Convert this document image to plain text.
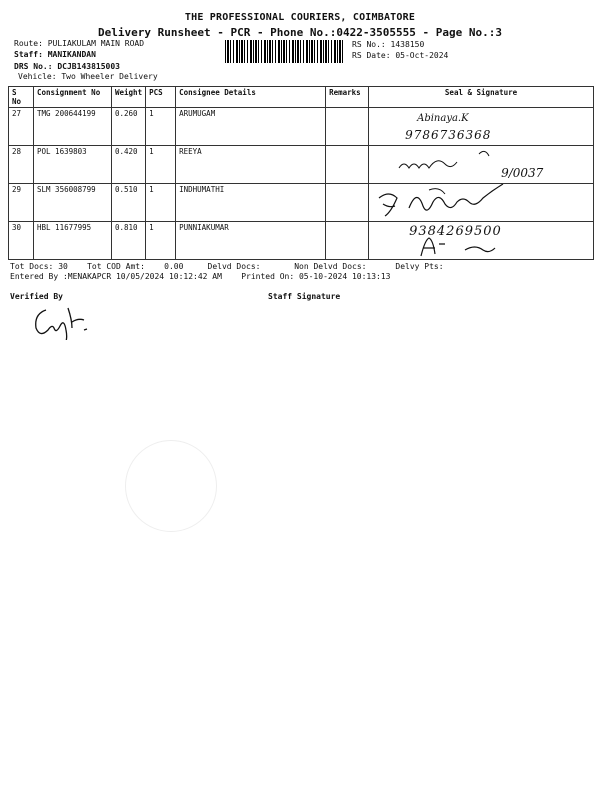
THE PROFESSIONAL COURIERS, COIMBATORE
Delivery Runsheet - PCR - Phone No.:0422-3505555 - Page No.:3
Route: PULIAKULAM MAIN ROAD
Staff: MANIKANDAN
DRS No.: DCJB143815003
Vehicle: Two Wheeler Delivery
RS No.: 1438150
RS Date: 05-Oct-2024
S No	Consignment No	Weight	PCS	Consignee Details	Remarks	Seal & Signature
27	TMG 200644199	0.260	1	ARUMUGAM		Abinaya.K
9786736368

28	POL 1639803	0.420	1	REEYA		9/0037

29	SLM 356008799	0.510	1	INDHUMATHI		

30	HBL 11677995	0.810	1	PUNNIAKUMAR		9384269500
Tot Docs: 30 Tot COD Amt: 0.00	Delvd Docs:	Non Delvd Docs:	Delvy Pts:
Entered By :MENAKAPCR 10/05/2024 10:12:42 AM Printed On: 05-10-2024 10:13:13
Verified By	Staff Signature
